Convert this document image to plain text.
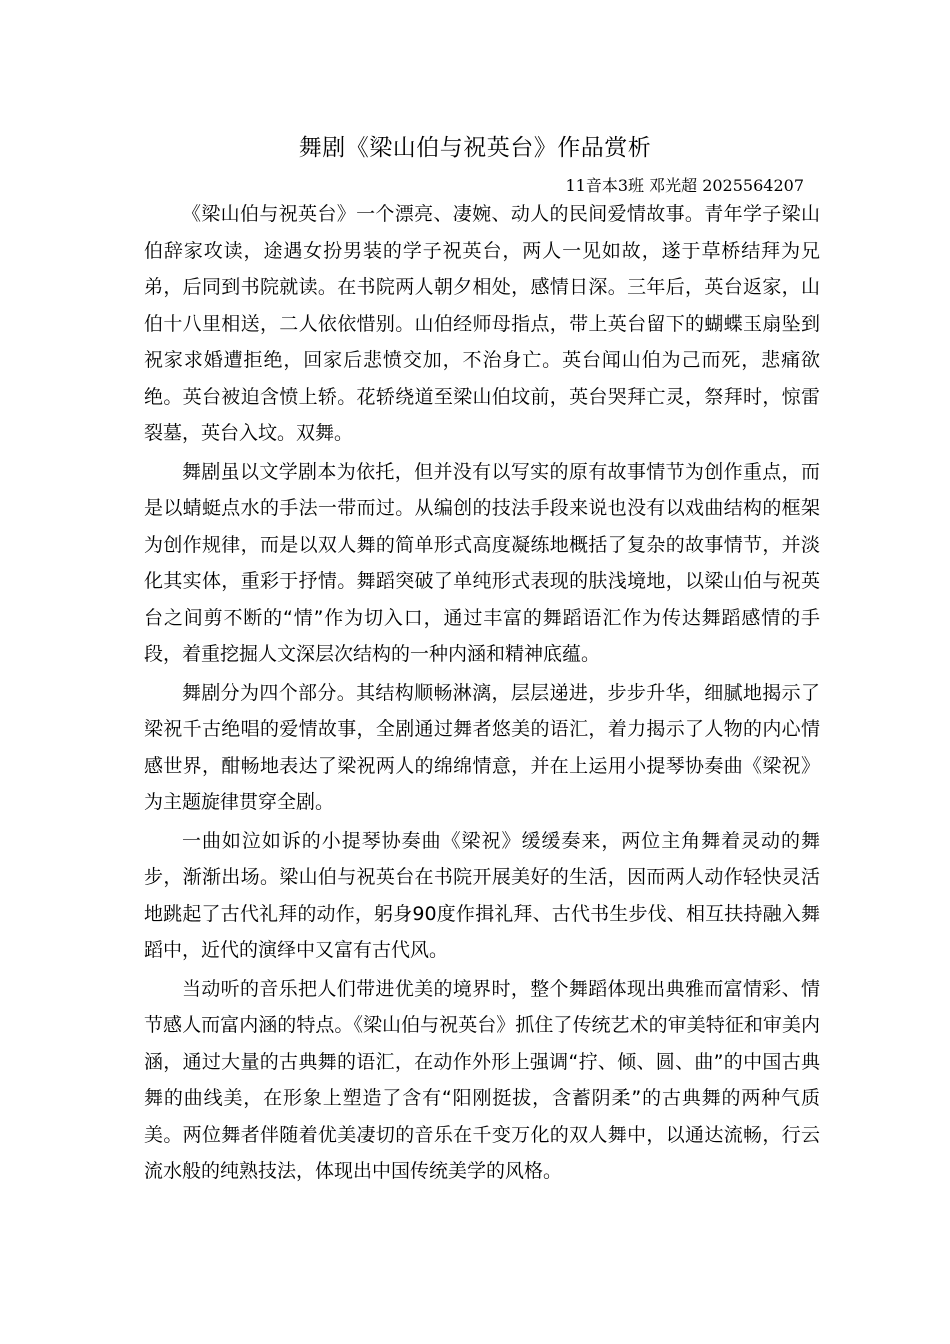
舞剧《梁山伯与祝英台》作品赏析
11音本3班 邓光超 2025564207

《梁山伯与祝英台》一个漂亮、凄婉、动人的民间爱情故事。青年学子梁山伯辞家攻读，途遇女扮男装的学子祝英台，两人一见如故，遂于草桥结拜为兄弟，后同到书院就读。在书院两人朝夕相处，感情日深。三年后，英台返家，山伯十八里相送，二人依依惜别。山伯经师母指点，带上英台留下的蝴蝶玉扇坠到祝家求婚遭拒绝，回家后悲愤交加，不治身亡。英台闻山伯为己而死，悲痛欲绝。英台被迫含愤上轿。花轿绕道至梁山伯坟前，英台哭拜亡灵，祭拜时，惊雷裂墓，英台入坟。双舞。

舞剧虽以文学剧本为依托，但并没有以写实的原有故事情节为创作重点，而是以蜻蜓点水的手法一带而过。从编创的技法手段来说也没有以戏曲结构的框架为创作规律，而是以双人舞的简单形式高度凝练地概括了复杂的故事情节，并淡化其实体，重彩于抒情。舞蹈突破了单纯形式表现的肤浅境地，以梁山伯与祝英台之间剪不断的“情”作为切入口，通过丰富的舞蹈语汇作为传达舞蹈感情的手段，着重挖掘人文深层次结构的一种内涵和精神底蕴。

舞剧分为四个部分。其结构顺畅淋漓，层层递进，步步升华，细腻地揭示了梁祝千古绝唱的爱情故事，全剧通过舞者悠美的语汇，着力揭示了人物的内心情感世界，酣畅地表达了梁祝两人的绵绵情意，并在上运用小提琴协奏曲《梁祝》为主题旋律贯穿全剧。

一曲如泣如诉的小提琴协奏曲《梁祝》缓缓奏来，两位主角舞着灵动的舞步，渐渐出场。梁山伯与祝英台在书院开展美好的生活，因而两人动作轻快灵活地跳起了古代礼拜的动作，躬身90度作揖礼拜、古代书生步伐、相互扶持融入舞蹈中，近代的演绎中又富有古代风。

当动听的音乐把人们带进优美的境界时，整个舞蹈体现出典雅而富情彩、情节感人而富内涵的特点。《梁山伯与祝英台》抓住了传统艺术的审美特征和审美内涵，通过大量的古典舞的语汇，在动作外形上强调“拧、倾、圆、曲”的中国古典舞的曲线美，在形象上塑造了含有“阳刚挺拔，含蓄阴柔”的古典舞的两种气质美。两位舞者伴随着优美凄切的音乐在千变万化的双人舞中，以通达流畅，行云流水般的纯熟技法，体现出中国传统美学的风格。
